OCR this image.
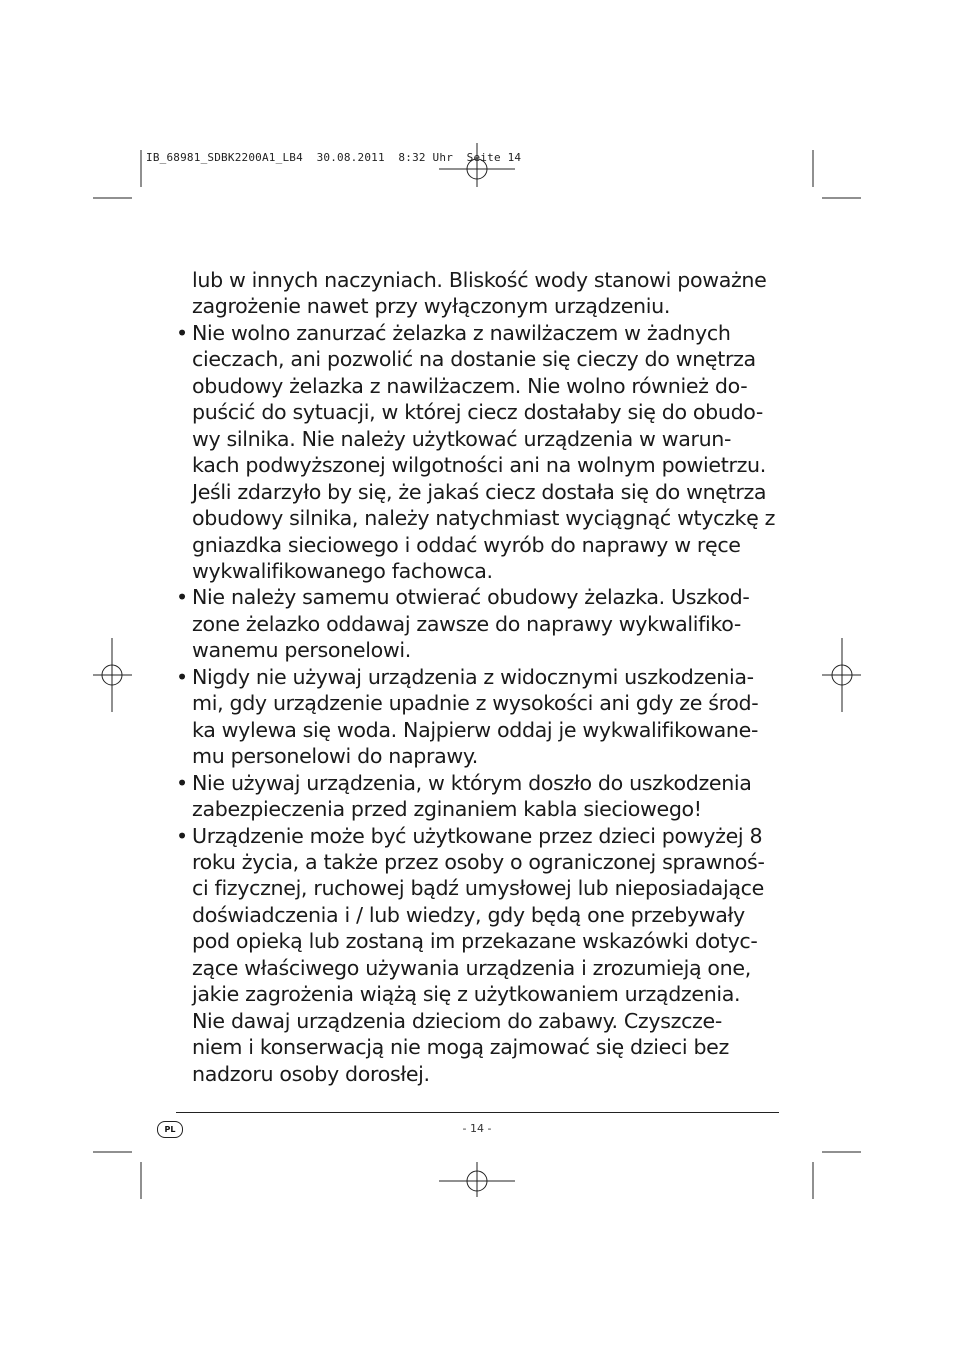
IB_68981_SDBK2200A1_LB4  30.08.2011  8:32 Uhr  Seite 14

lub w innych naczyniach. Bliskość wody stanowi poważne
zagrożenie nawet przy wyłączonym urządzeniu.

• Nie wolno zanurzać żelazka z nawilżaczem w żadnych
cieczach, ani pozwolić na dostanie się cieczy do wnętrza
obudowy żelazka z nawilżaczem. Nie wolno również do-
puścić do sytuacji, w której ciecz dostałaby się do obudo-
wy silnika. Nie należy użytkować urządzenia w warun-
kach podwyższonej wilgotności ani na wolnym powietrzu.
Jeśli zdarzyło by się, że jakaś ciecz dostała się do wnętrza
obudowy silnika, należy natychmiast wyciągnąć wtyczkę z
gniazdka sieciowego i oddać wyrób do naprawy w ręce
wykwalifikowanego fachowca.

• Nie należy samemu otwierać obudowy żelazka. Uszkod-
zone żelazko oddawaj zawsze do naprawy wykwalifiko-
wanemu personelowi.

• Nigdy nie używaj urządzenia z widocznymi uszkodzenia-
mi, gdy urządzenie upadnie z wysokości ani gdy ze środ-
ka wylewa się woda. Najpierw oddaj je wykwalifikowane-
mu personelowi do naprawy.

• Nie używaj urządzenia, w którym doszło do uszkodzenia
zabezpieczenia przed zginaniem kabla sieciowego!

• Urządzenie może być użytkowane przez dzieci powyżej 8
roku życia, a także przez osoby o ograniczonej sprawnoś-
ci fizycznej, ruchowej bądź umysłowej lub nieposiadające
doświadczenia i / lub wiedzy, gdy będą one przebywały
pod opieką lub zostaną im przekazane wskazówki dotyc-
zące właściwego używania urządzenia i zrozumieją one,
jakie zagrożenia wiążą się z użytkowaniem urządzenia.
Nie dawaj urządzenia dzieciom do zabawy. Czyszcze-
niem i konserwacją nie mogą zajmować się dzieci bez
nadzoru osoby dorosłej.

PL	- 14 -
